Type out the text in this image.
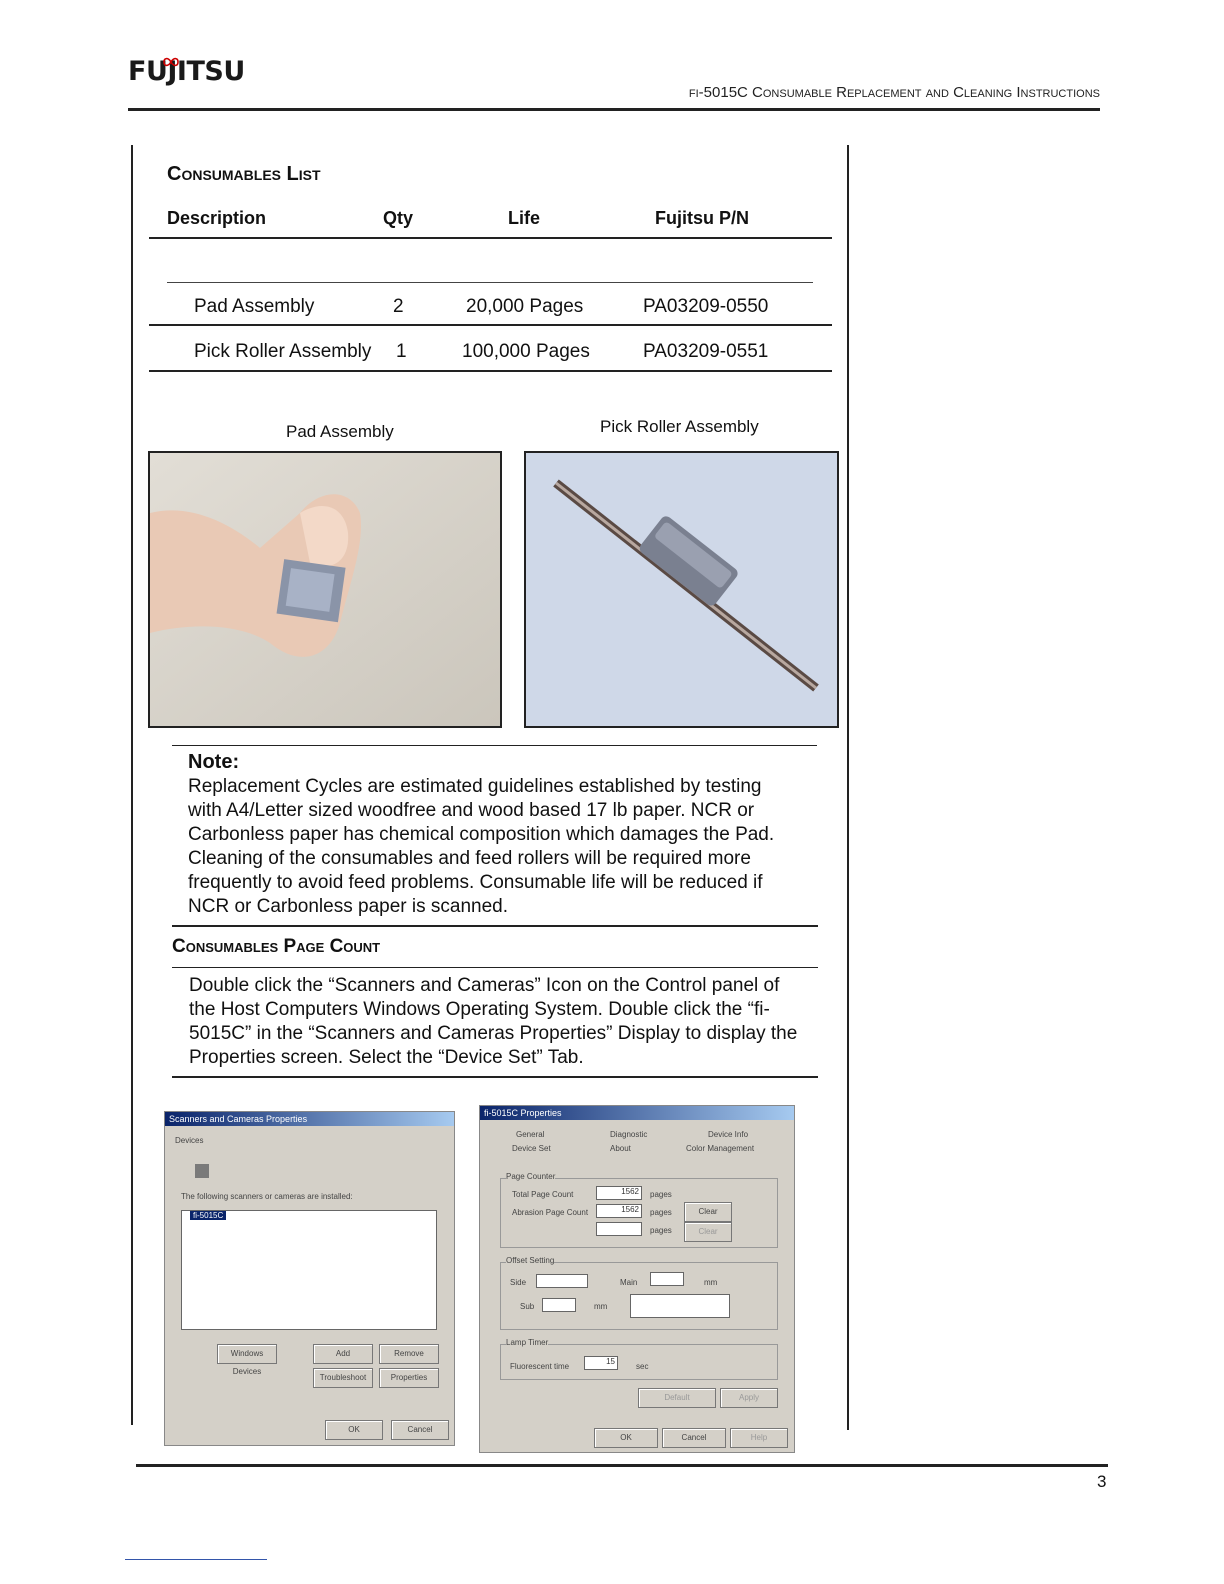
FUJITSU
fi-5015C Consumable Replacement and Cleaning Instructions
Consumables List
Description	Qty	Life	Fujitsu P/N
Pad Assembly	2	20,000 Pages	PA03209-0550
Pick Roller Assembly 1	100,000 Pages	PA03209-0551
Pad Assembly	Pick Roller Assembly
Note:
Replacement Cycles are estimated guidelines established by testing
with A4/Letter sized woodfree and wood based 17 lb paper. NCR or
Carbonless paper has chemical composition which damages the Pad.
Cleaning of the consumables and feed rollers will be required more
frequently to avoid feed problems. Consumable life will be reduced if
NCR or Carbonless paper is scanned.
Consumables Page Count
Double click the “Scanners and Cameras” Icon on the Control panel of
the Host Computers Windows Operating System. Double click the “fi-
5015C” in the “Scanners and Cameras Properties” Display to display the
Properties screen. Select the “Device Set” Tab.
Scanners and Cameras Properties
Devices
The following scanners or cameras are installed:
fi-5015C
Windows Devices
Add	Remove
Troubleshoot	Properties
OK	Cancel
fi-5015C Properties
General	Diagnostic	Device Info
Device Set	About	Color Management
Page Counter
Total Page Count	1562	pages
Abrasion Page Count	1562	pages	Clear
pages	Clear
Offset Setting
Side	Main	mm
Sub	mm
Lamp Timer
Fluorescent time
15
sec
Default	Apply
OK	Cancel	Help
3
